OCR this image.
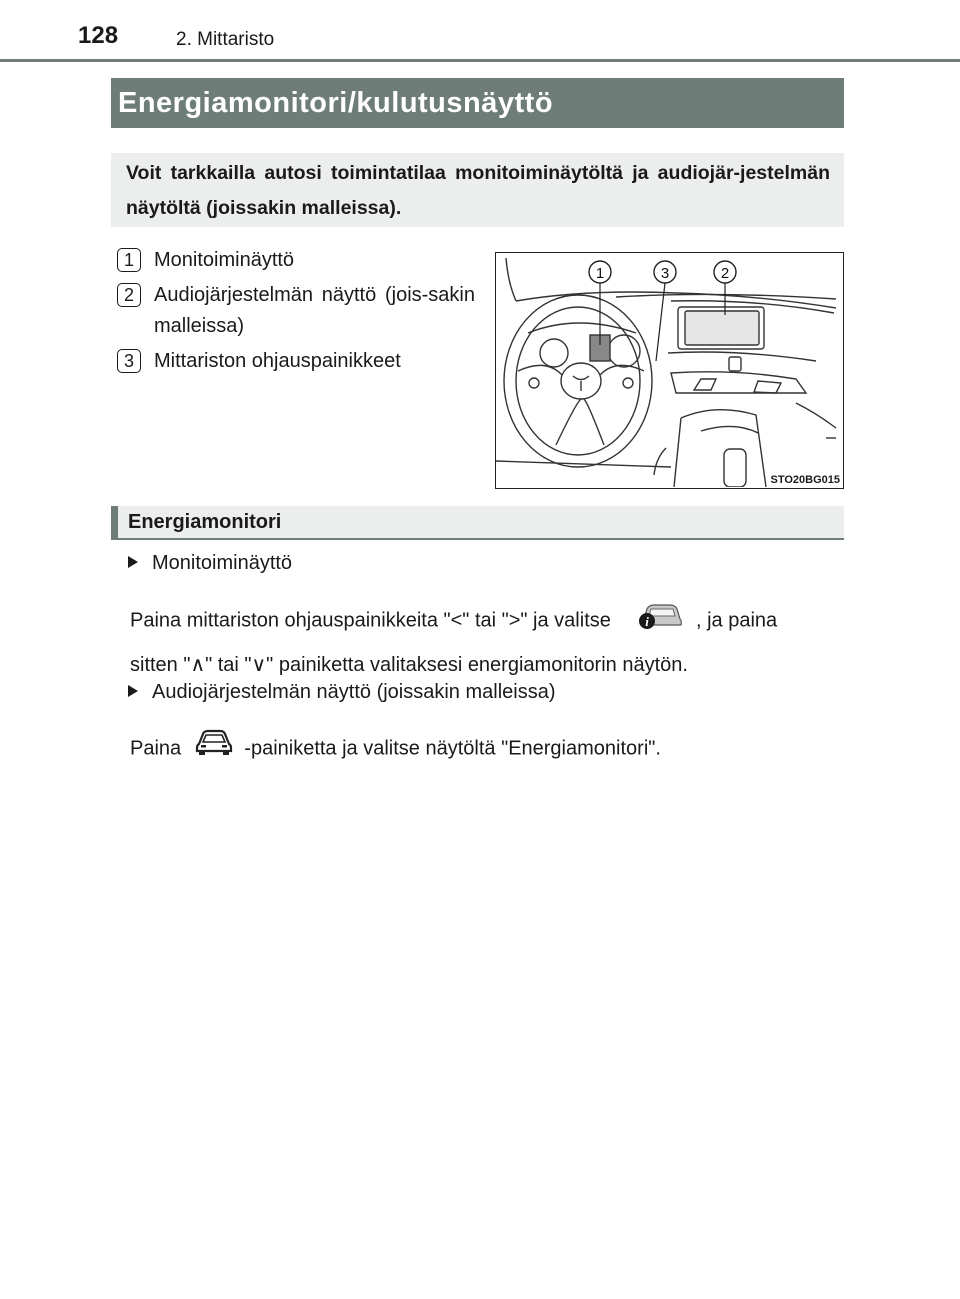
128	2. Mittaristo
Energiamonitori/kulutusnäyttö
Voit tarkkailla autosi toimintatilaa monitoiminäytöltä ja audiojär-jestelmän näytöltä (joissakin malleissa).
1	Monitoiminäyttö
2	Audiojärjestelmän näyttö (jois-sakin malleissa)
3	Mittariston ohjauspainikkeet
1	3	2
STO20BG015
Energiamonitori
Monitoiminäyttö
Paina mittariston ohjauspainikkeita "<" tai ">" ja valitse	i , ja paina
sitten "∧" tai "∨" painiketta valitaksesi energiamonitorin näytön.
Audiojärjestelmän näyttö (joissakin malleissa)
Paina	-painiketta ja valitse näytöltä "Energiamonitori".
